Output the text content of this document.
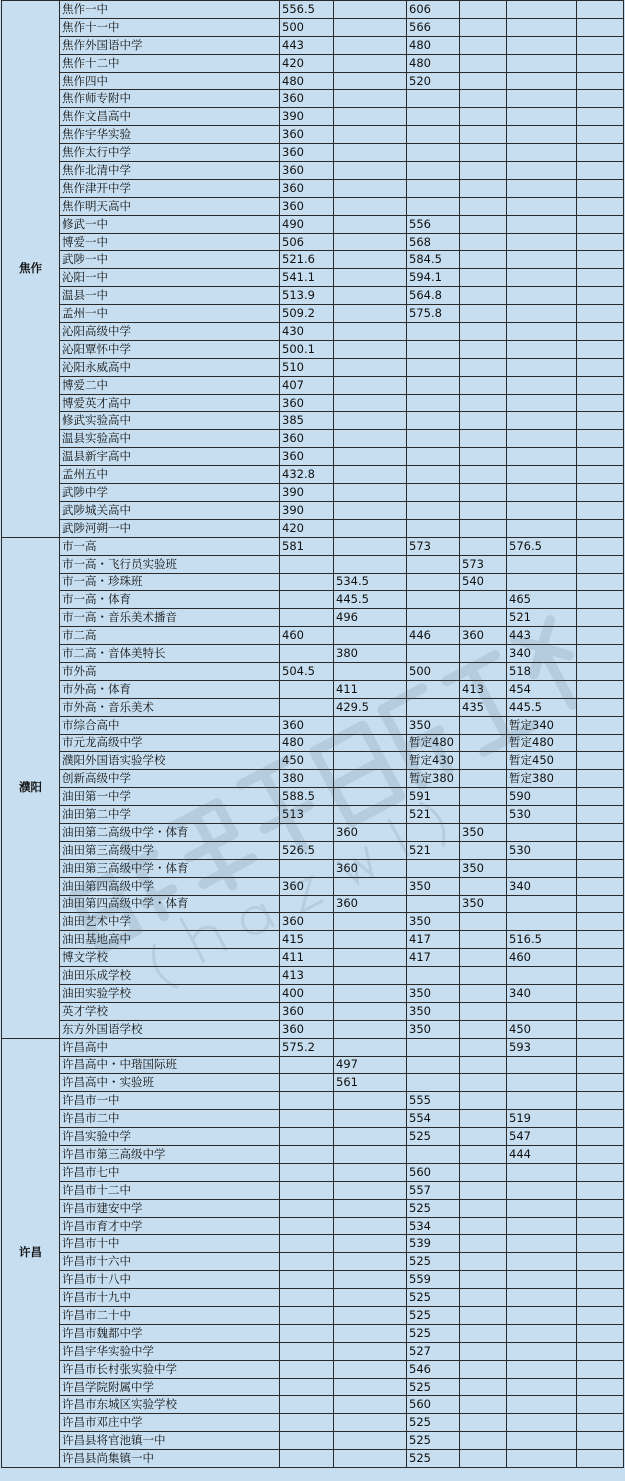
焦作	焦作一中	556.5		606			
	焦作十一中	500		566			
	焦作外国语中学	443		480			
	焦作十二中	420		480			
	焦作四中	480		520			
	焦作师专附中	360					
	焦作文昌高中	390					
	焦作宇华实验	360					
	焦作太行中学	360					
	焦作北清中学	360					
	焦作津开中学	360					
	焦作明天高中	360					
	修武一中	490		556			
	博爱一中	506		568			
	武陟一中	521.6		584.5			
	沁阳一中	541.1		594.1			
	温县一中	513.9		564.8			
	孟州一中	509.2		575.8			
	沁阳高级中学	430					
	沁阳覃怀中学	500.1					
	沁阳永威高中	510					
	博爱二中	407					
	博爱英才高中	360					
	修武实验高中	385					
	温县实验高中	360					
	温县新宇高中	360					
	孟州五中	432.8					
	武陟中学	390					
	武陟城关高中	390					
	武陟河朔一中	420					
濮阳	市一高	581		573		576.5	
	市一高・飞行员实验班				573		
	市一高・珍珠班		534.5		540		
	市一高・体育		445.5			465	
	市一高・音乐美术播音		496			521	
	市二高	460		446	360	443	
	市二高・音体美特长		380			340	
	市外高	504.5		500		518	
	市外高・体育		411		413	454	
	市外高・音乐美术		429.5		435	445.5	
	市综合高中	360		350		暂定340	
	市元龙高级中学	480		暂定480		暂定480	
	濮阳外国语实验学校	450		暂定430		暂定450	
	创新高级中学	380		暂定380		暂定380	
	油田第一中学	588.5		591		590	
	油田第二中学	513		521		530	
	油田第二高级中学・体育		360		350		
	油田第三高级中学	526.5		521		530	
	油田第三高级中学・体育		360		350		
	油田第四高级中学	360		350		340	
	油田第四高级中学・体育		360		350		
	油田艺术中学	360		350			
	油田基地高中	415		417		516.5	
	博文学校	411		417		460	
	油田乐成学校	413					
	油田实验学校	400		350		340	
	英才学校	360		350			
	东方外国语学校	360		350		450	
许昌	许昌高中	575.2				593	
	许昌高中・中瑎国际班		497				
	许昌高中・实验班		561				
	许昌市一中			555			
	许昌市二中			554		519	
	许昌实验中学			525		547	
	许昌市第三高级中学					444	
	许昌市七中			560			
	许昌市十二中			557			
	许昌市建安中学			525			
	许昌市育才中学			534			
	许昌市十中			539			
	许昌市十六中			525			
	许昌市十八中			559			
	许昌市十九中			525			
	许昌市二十中			525			
	许昌市魏都中学			525			
	许昌宇华实验中学			527			
	许昌市长村张实验中学			546			
	许昌学院附属中学			525			
	许昌市东城区实验学校			560			
	许昌市邓庄中学			525			
	许昌县将官池镇一中			525			
	许昌县尚集镇一中			525			
